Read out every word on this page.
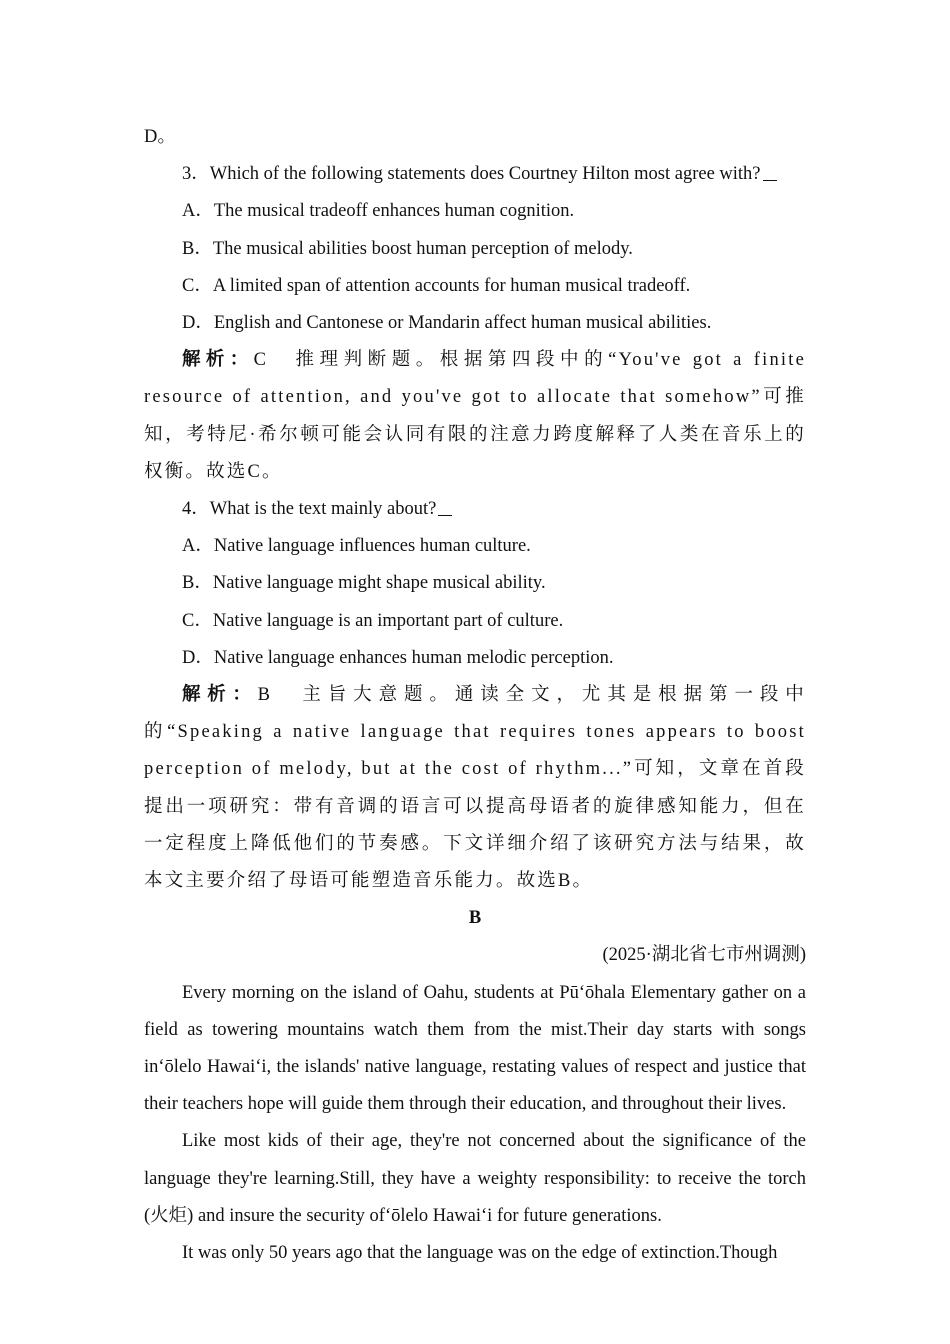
D。

3．Which of the following statements does Courtney Hilton most agree with?

A．The musical tradeoff enhances human cognition.

B．The musical abilities boost human perception of melody.

C．A limited span of attention accounts for human musical tradeoff.

D．English and Cantonese or Mandarin affect human musical abilities.

解析：C　推理判断题。根据第四段中的“You've got a finite resource of attention, and you've got to allocate that somehow”可推知，考特尼·希尔顿可能会认同有限的注意力跨度解释了人类在音乐上的权衡。故选C。

4．What is the text mainly about?

A．Native language influences human culture.

B．Native language might shape musical ability.

C．Native language is an important part of culture.

D．Native language enhances human melodic perception.

解析：B　主旨大意题。通读全文，尤其是根据第一段中的“Speaking a native language that requires tones appears to boost perception of melody, but at the cost of rhythm...”可知，文章在首段提出一项研究：带有音调的语言可以提高母语者的旋律感知能力，但在一定程度上降低他们的节奏感。下文详细介绍了该研究方法与结果，故本文主要介绍了母语可能塑造音乐能力。故选B。

B

(2025·湖北省七市州调测)

Every morning on the island of Oahu, students at Pū‘ōhala Elementary gather on a field as towering mountains watch them from the mist.Their day starts with songs in‘ōlelo Hawai‘i, the islands' native language, restating values of respect and justice that their teachers hope will guide them through their education, and throughout their lives.

Like most kids of their age, they're not concerned about the significance of the language they're learning.Still, they have a weighty responsibility: to receive the torch (火炬) and insure the security of‘ōlelo Hawai‘i for future generations.

It was only 50 years ago that the language was on the edge of extinction.Though
